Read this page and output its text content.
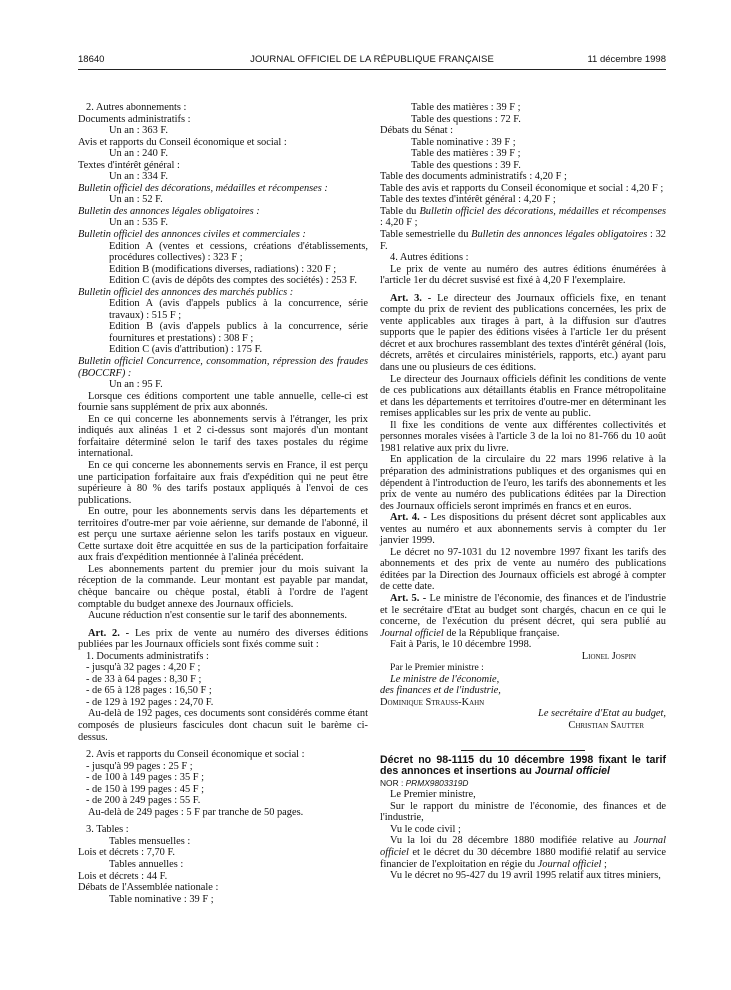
18640	JOURNAL OFFICIEL DE LA RÉPUBLIQUE FRANÇAISE	11 décembre 1998

2. Autres abonnements :

Documents administratifs :

Un an : 363 F.

Avis et rapports du Conseil économique et social :

Un an : 240 F.

Textes d'intérêt général :

Un an : 334 F.

Bulletin officiel des décorations, médailles et récompenses :

Un an : 52 F.

Bulletin des annonces légales obligatoires :

Un an : 535 F.

Bulletin officiel des annonces civiles et commerciales :

Edition A (ventes et cessions, créations d'établissements, procédures collectives) : 323 F ;

Edition B (modifications diverses, radiations) : 320 F ;

Edition C (avis de dépôts des comptes des sociétés) : 253 F.

Bulletin officiel des annonces des marchés publics :

Edition A (avis d'appels publics à la concurrence, série travaux) : 515 F ;

Edition B (avis d'appels publics à la concurrence, série fournitures et prestations) : 308 F ;

Edition C (avis d'attribution) : 175 F.

Bulletin officiel Concurrence, consommation, répression des fraudes (BOCCRF) :

Un an : 95 F.

Lorsque ces éditions comportent une table annuelle, celle-ci est fournie sans supplément de prix aux abonnés.

En ce qui concerne les abonnements servis à l'étranger, les prix indiqués aux alinéas 1 et 2 ci-dessus sont majorés d'un montant forfaitaire déterminé selon le tarif des taxes postales du régime international.

En ce qui concerne les abonnements servis en France, il est perçu une participation forfaitaire aux frais d'expédition qui ne peut être supérieure à 80 % des tarifs postaux appliqués à l'envoi de ces publications.

En outre, pour les abonnements servis dans les départements et territoires d'outre-mer par voie aérienne, sur demande de l'abonné, il est perçu une surtaxe aérienne selon les tarifs postaux en vigueur. Cette surtaxe doit être acquittée en sus de la participation forfaitaire aux frais d'expédition mentionnée à l'alinéa précédent.

Les abonnements partent du premier jour du mois suivant la réception de la commande. Leur montant est payable par mandat, chèque bancaire ou chèque postal, établi à l'ordre de l'agent comptable du budget annexe des Journaux officiels.

Aucune réduction n'est consentie sur le tarif des abonnements.

Art. 2. - Les prix de vente au numéro des diverses éditions publiées par les Journaux officiels sont fixés comme suit :

1. Documents administratifs :

- jusqu'à 32 pages : 4,20 F ;

- de 33 à 64 pages : 8,30 F ;

- de 65 à 128 pages : 16,50 F ;

- de 129 à 192 pages : 24,70 F.

Au-delà de 192 pages, ces documents sont considérés comme étant composés de plusieurs fascicules dont chacun suit le barème ci-dessus.

2. Avis et rapports du Conseil économique et social :

- jusqu'à 99 pages : 25 F ;

- de 100 à 149 pages : 35 F ;

- de 150 à 199 pages : 45 F ;

- de 200 à 249 pages : 55 F.

Au-delà de 249 pages : 5 F par tranche de 50 pages.

3. Tables :

Tables mensuelles :

Lois et décrets : 7,70 F.

Tables annuelles :

Lois et décrets : 44 F.

Débats de l'Assemblée nationale :

Table nominative : 39 F ;

Table des matières : 39 F ;

Table des questions : 72 F.

Débats du Sénat :

Table nominative : 39 F ;

Table des matières : 39 F ;

Table des questions : 39 F.

Table des documents administratifs : 4,20 F ;

Table des avis et rapports du Conseil économique et social : 4,20 F ;

Table des textes d'intérêt général : 4,20 F ;

Table du Bulletin officiel des décorations, médailles et récompenses : 4,20 F ;

Table semestrielle du Bulletin des annonces légales obligatoires : 32 F.

4. Autres éditions :

Le prix de vente au numéro des autres éditions énumérées à l'article 1er du décret susvisé est fixé à 4,20 F l'exemplaire.

Art. 3. - Le directeur des Journaux officiels fixe, en tenant compte du prix de revient des publications concernées, les prix de vente applicables aux tirages à part, à la diffusion sur d'autres supports que le papier des éditions visées à l'article 1er du présent décret et aux brochures rassemblant des textes d'intérêt général (lois, décrets, arrêtés et circulaires ministériels, rapports, etc.) ayant paru dans une ou plusieurs de ces éditions.

Le directeur des Journaux officiels définit les conditions de vente de ces publications aux détaillants établis en France métropolitaine et dans les départements et territoires d'outre-mer en déterminant les remises applicables sur les prix de vente au public.

Il fixe les conditions de vente aux différentes collectivités et personnes morales visées à l'article 3 de la loi no 81-766 du 10 août 1981 relative aux prix du livre.

En application de la circulaire du 22 mars 1996 relative à la préparation des administrations publiques et des organismes qui en dépendent à l'introduction de l'euro, les tarifs des abonnements et les prix de vente au numéro des publications éditées par la Direction des Journaux officiels seront imprimés en francs et en euros.

Art. 4. - Les dispositions du présent décret sont applicables aux ventes au numéro et aux abonnements servis à compter du 1er janvier 1999.

Le décret no 97-1031 du 12 novembre 1997 fixant les tarifs des abonnements et des prix de vente au numéro des publications éditées par la Direction des Journaux officiels est abrogé à compter de cette date.

Art. 5. - Le ministre de l'économie, des finances et de l'industrie et le secrétaire d'Etat au budget sont chargés, chacun en ce qui le concerne, de l'exécution du présent décret, qui sera publié au Journal officiel de la République française.

Fait à Paris, le 10 décembre 1998.

Lionel Jospin

Par le Premier ministre :

Le ministre de l'économie,

des finances et de l'industrie,

Dominique Strauss-Kahn

Le secrétaire d'Etat au budget,

Christian Sautter

Décret no 98-1115 du 10 décembre 1998 fixant le tarif des annonces et insertions au Journal officiel

NOR : PRMX9803319D

Le Premier ministre,

Sur le rapport du ministre de l'économie, des finances et de l'industrie,

Vu le code civil ;

Vu la loi du 28 décembre 1880 modifiée relative au Journal officiel et le décret du 30 décembre 1880 modifié relatif au service financier de l'exploitation en régie du Journal officiel ;

Vu le décret no 95-427 du 19 avril 1995 relatif aux titres miniers,
